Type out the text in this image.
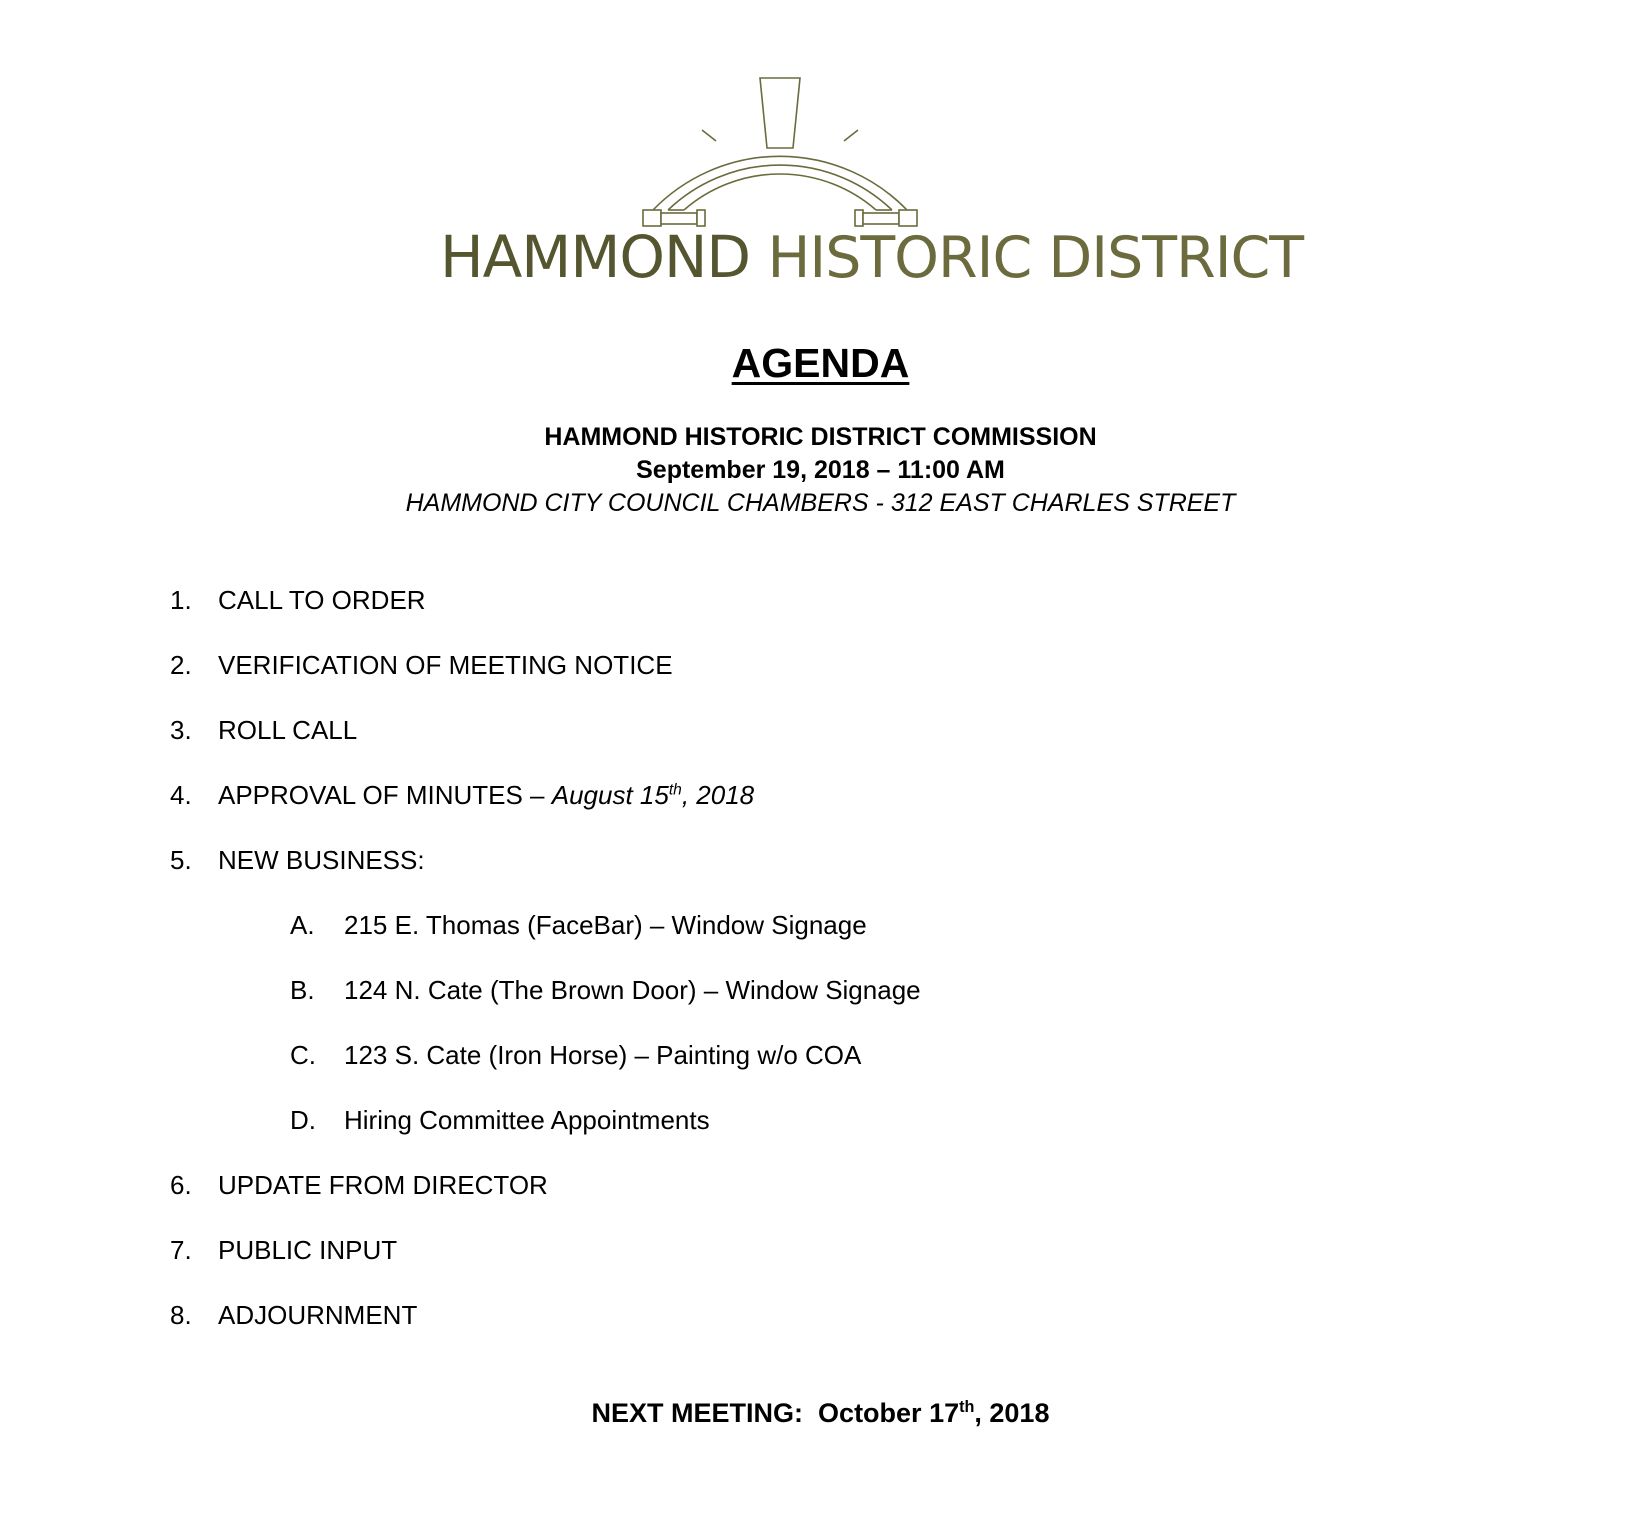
HAMMOND HISTORIC DISTRICT
AGENDA
HAMMOND HISTORIC DISTRICT COMMISSION
September 19, 2018 – 11:00 AM
HAMMOND CITY COUNCIL CHAMBERS - 312 EAST CHARLES STREET
1. CALL TO ORDER
2. VERIFICATION OF MEETING NOTICE
3. ROLL CALL
4. APPROVAL OF MINUTES – August 15th, 2018
5. NEW BUSINESS:
A. 215 E. Thomas (FaceBar) – Window Signage
B. 124 N. Cate (The Brown Door) – Window Signage
C. 123 S. Cate (Iron Horse) – Painting w/o COA
D. Hiring Committee Appointments
6. UPDATE FROM DIRECTOR
7. PUBLIC INPUT
8. ADJOURNMENT
NEXT MEETING: October 17th, 2018
